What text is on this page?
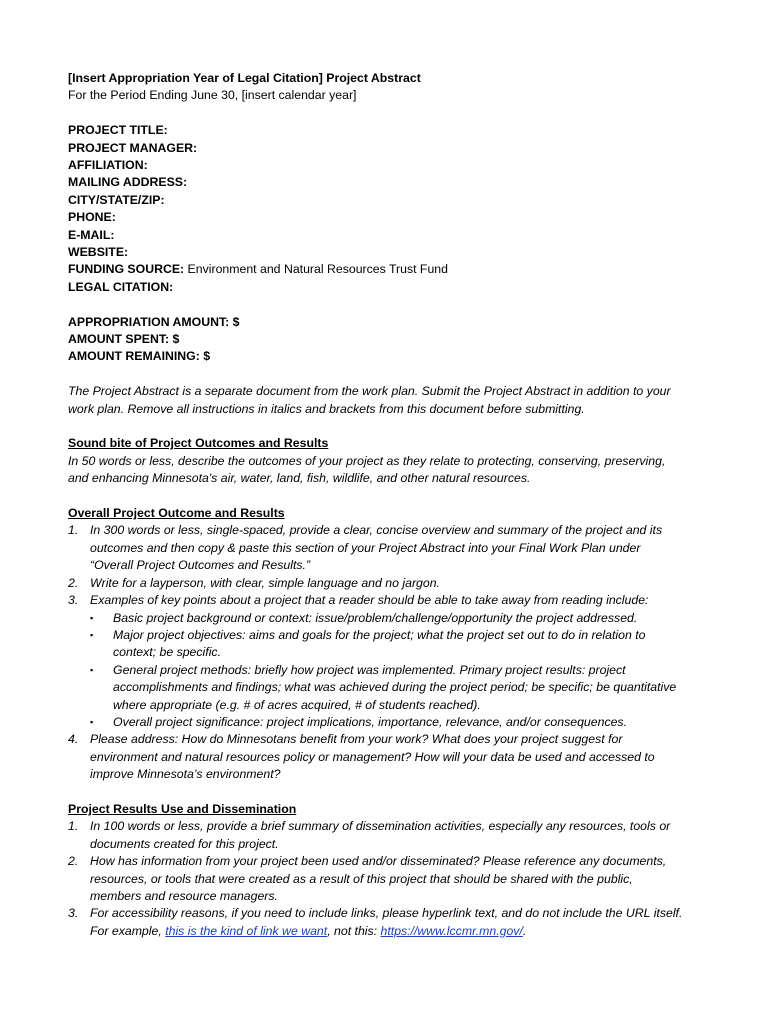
[Insert Appropriation Year of Legal Citation] Project Abstract
For the Period Ending June 30, [insert calendar year]
PROJECT TITLE:
PROJECT MANAGER:
AFFILIATION:
MAILING ADDRESS:
CITY/STATE/ZIP:
PHONE:
E-MAIL:
WEBSITE:
FUNDING SOURCE: Environment and Natural Resources Trust Fund
LEGAL CITATION:
APPROPRIATION AMOUNT: $
AMOUNT SPENT: $
AMOUNT REMAINING: $
The Project Abstract is a separate document from the work plan. Submit the Project Abstract in addition to your
work plan. Remove all instructions in italics and brackets from this document before submitting.
Sound bite of Project Outcomes and Results
In 50 words or less, describe the outcomes of your project as they relate to protecting, conserving, preserving,
and enhancing Minnesota's air, water, land, fish, wildlife, and other natural resources.
Overall Project Outcome and Results
1. In 300 words or less, single-spaced, provide a clear, concise overview and summary of the project and its
outcomes and then copy & paste this section of your Project Abstract into your Final Work Plan under
“Overall Project Outcomes and Results.”
2. Write for a layperson, with clear, simple language and no jargon.
3. Examples of key points about a project that a reader should be able to take away from reading include:
▪ Basic project background or context: issue/problem/challenge/opportunity the project addressed.
▪ Major project objectives: aims and goals for the project; what the project set out to do in relation to
context; be specific.
▪ General project methods: briefly how project was implemented. Primary project results: project
accomplishments and findings; what was achieved during the project period; be specific; be quantitative
where appropriate (e.g. # of acres acquired, # of students reached).
▪ Overall project significance: project implications, importance, relevance, and/or consequences.
4. Please address: How do Minnesotans benefit from your work? What does your project suggest for
environment and natural resources policy or management? How will your data be used and accessed to
improve Minnesota’s environment?
Project Results Use and Dissemination
1. In 100 words or less, provide a brief summary of dissemination activities, especially any resources, tools or
documents created for this project.
2. How has information from your project been used and/or disseminated? Please reference any documents,
resources, or tools that were created as a result of this project that should be shared with the public,
members and resource managers.
3. For accessibility reasons, if you need to include links, please hyperlink text, and do not include the URL itself.
For example, this is the kind of link we want, not this: https://www.lccmr.mn.gov/.
